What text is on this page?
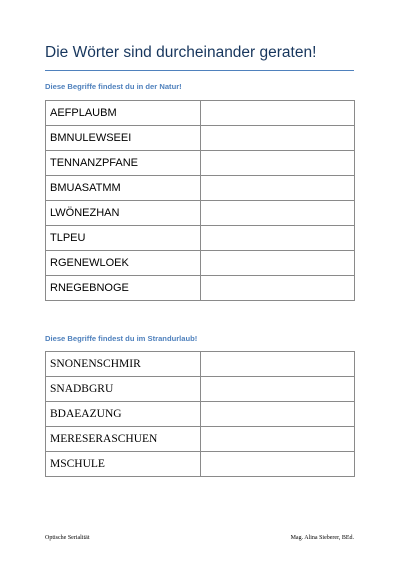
Die Wörter sind durcheinander geraten!
Diese Begriffe findest du in der Natur!
AEFPLAUBM	
BMNULEWSEEI	
TENNANZPFANE	
BMUASATMM	
LWÖNEZHAN	
TLPEU	
RGENEWLOEK	
RNEGEBNOGE	
Diese Begriffe findest du im Strandurlaub!
SNONENSCHMIR	
SNADBGRU	
BDAEAZUNG	
MERESERASCHUEN	
MSCHULE	
Optische Serialität	Mag. Alina Sieberer, BEd.
